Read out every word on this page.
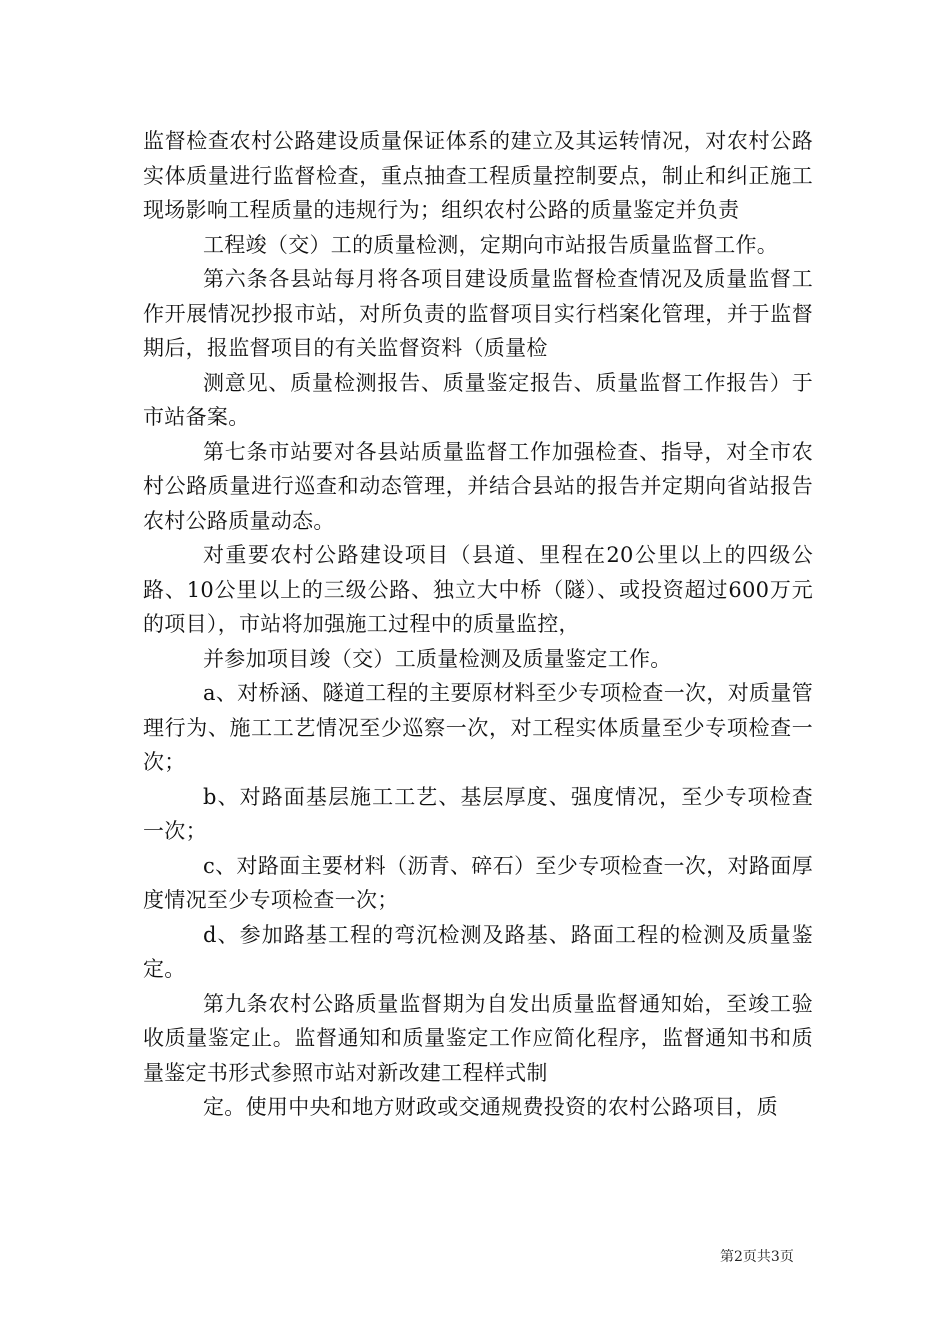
监督检查农村公路建设质量保证体系的建立及其运转情况，对农村公路实体质量进行监督检查，重点抽查工程质量控制要点，制止和纠正施工现场影响工程质量的违规行为；组织农村公路的质量鉴定并负责

工程竣（交）工的质量检测，定期向市站报告质量监督工作。

第六条各县站每月将各项目建设质量监督检查情况及质量监督工作开展情况抄报市站，对所负责的监督项目实行档案化管理，并于监督期后，报监督项目的有关监督资料（质量检

测意见、质量检测报告、质量鉴定报告、质量监督工作报告）于市站备案。

第七条市站要对各县站质量监督工作加强检查、指导，对全市农村公路质量进行巡查和动态管理，并结合县站的报告并定期向省站报告农村公路质量动态。

对重要农村公路建设项目（县道、里程在20公里以上的四级公路、10公里以上的三级公路、独立大中桥（隧）、或投资超过600万元的项目），市站将加强施工过程中的质量监控，

并参加项目竣（交）工质量检测及质量鉴定工作。

a、对桥涵、隧道工程的主要原材料至少专项检查一次，对质量管理行为、施工工艺情况至少巡察一次，对工程实体质量至少专项检查一次；

b、对路面基层施工工艺、基层厚度、强度情况，至少专项检查一次；

c、对路面主要材料（沥青、碎石）至少专项检查一次，对路面厚度情况至少专项检查一次；

d、参加路基工程的弯沉检测及路基、路面工程的检测及质量鉴定。

第九条农村公路质量监督期为自发出质量监督通知始，至竣工验收质量鉴定止。监督通知和质量鉴定工作应简化程序，监督通知书和质量鉴定书形式参照市站对新改建工程样式制

定。使用中央和地方财政或交通规费投资的农村公路项目，质

第2页共3页
